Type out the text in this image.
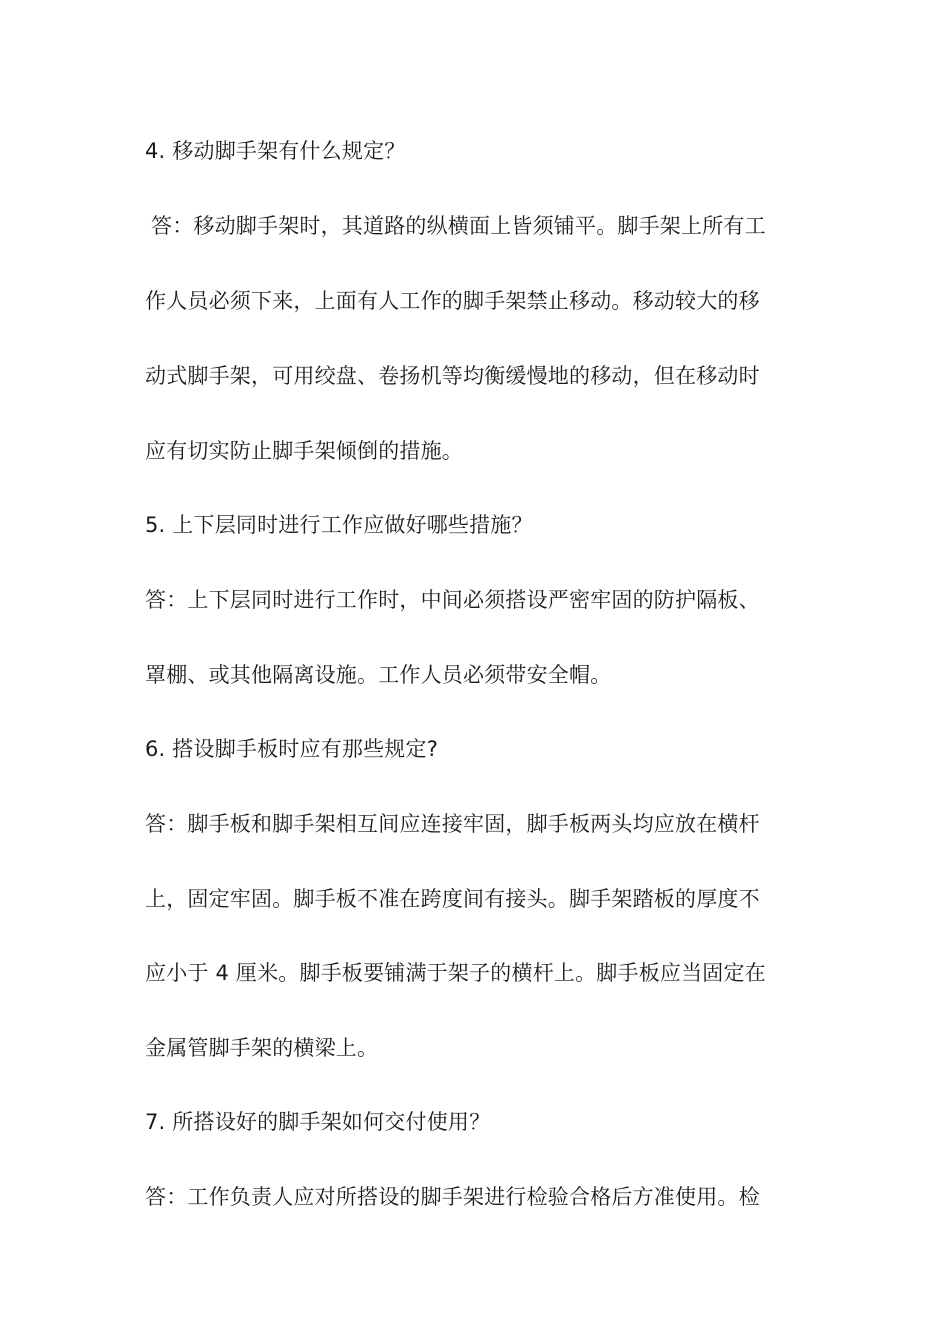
4. 移动脚手架有什么规定？
答：移动脚手架时，其道路的纵横面上皆须铺平。脚手架上所有工
作人员必须下来，上面有人工作的脚手架禁止移动。移动较大的移
动式脚手架，可用绞盘、卷扬机等均衡缓慢地的移动，但在移动时
应有切实防止脚手架倾倒的措施。
5. 上下层同时进行工作应做好哪些措施？
答：上下层同时进行工作时，中间必须搭设严密牢固的防护隔板、
罩棚、或其他隔离设施。工作人员必须带安全帽。
6. 搭设脚手板时应有那些规定?
答：脚手板和脚手架相互间应连接牢固，脚手板两头均应放在横杆
上，固定牢固。脚手板不准在跨度间有接头。脚手架踏板的厚度不
应小于 4 厘米。脚手板要铺满于架子的横杆上。脚手板应当固定在
金属管脚手架的横梁上。
7. 所搭设好的脚手架如何交付使用？
答：工作负责人应对所搭设的脚手架进行检验合格后方准使用。检
